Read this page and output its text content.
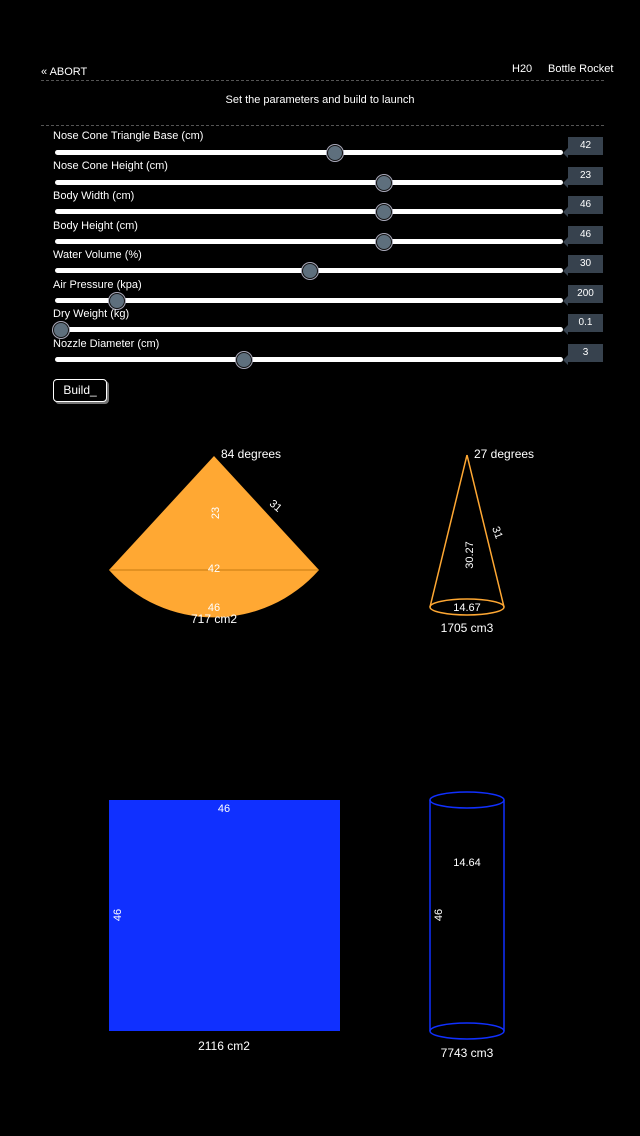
« ABORT	H20 Bottle Rocket
Set the parameters and build to launch
Nose Cone Triangle Base (cm)
42
Nose Cone Height (cm)
23
Body Width (cm)
46
Body Height (cm)
46
Water Volume (%)
30
Air Pressure (kpa)
200
Dry Weight (kg)
0.1
Nozzle Diameter (cm)
3
Build_
84 degrees
31
23
42
46
717 cm2
27 degrees
31
30.27
14.67
1705 cm3
46
46
2116 cm2
14.64
46
7743 cm3
